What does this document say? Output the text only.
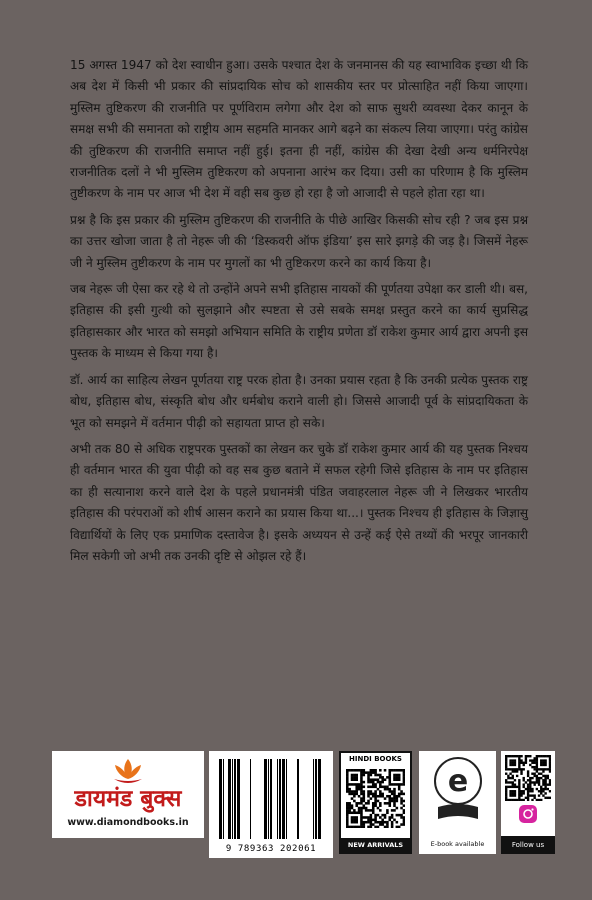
15 अगस्त 1947 को देश स्वाधीन हुआ। उसके पश्चात देश के जनमानस की यह स्वाभाविक इच्छा थी कि अब देश में किसी भी प्रकार की सांप्रदायिक सोच को शासकीय स्तर पर प्रोत्साहित नहीं किया जाएगा। मुस्लिम तुष्टिकरण की राजनीति पर पूर्णविराम लगेगा और देश को साफ सुथरी व्यवस्था देकर कानून के समक्ष सभी की समानता को राष्ट्रीय आम सहमति मानकर आगे बढ़ने का संकल्प लिया जाएगा। परंतु कांग्रेस की तुष्टिकरण की राजनीति समाप्त नहीं हुई। इतना ही नहीं, कांग्रेस की देखा देखी अन्य धर्मनिरपेक्ष राजनीतिक दलों ने भी मुस्लिम तुष्टिकरण को अपनाना आरंभ कर दिया। उसी का परिणाम है कि मुस्लिम तुष्टीकरण के नाम पर आज भी देश में वही सब कुछ हो रहा है जो आजादी से पहले होता रहा था।

प्रश्न है कि इस प्रकार की मुस्लिम तुष्टिकरण की राजनीति के पीछे आखिर किसकी सोच रही ? जब इस प्रश्न का उत्तर खोजा जाता है तो नेहरू जी की ‘डिस्कवरी ऑफ इंडिया’ इस सारे झगड़े की जड़ है। जिसमें नेहरू जी ने मुस्लिम तुष्टीकरण के नाम पर मुगलों का भी तुष्टिकरण करने का कार्य किया है।

जब नेहरू जी ऐसा कर रहे थे तो उन्होंने अपने सभी इतिहास नायकों की पूर्णतया उपेक्षा कर डाली थी। बस, इतिहास की इसी गुत्थी को सुलझाने और स्पष्टता से उसे सबके समक्ष प्रस्तुत करने का कार्य सुप्रसिद्ध इतिहासकार और भारत को समझो अभियान समिति के राष्ट्रीय प्रणेता डॉ राकेश कुमार आर्य द्वारा अपनी इस पुस्तक के माध्यम से किया गया है।

डॉ. आर्य का साहित्य लेखन पूर्णतया राष्ट्र परक होता है। उनका प्रयास रहता है कि उनकी प्रत्येक पुस्तक राष्ट्र बोध, इतिहास बोध, संस्कृति बोध और धर्मबोध कराने वाली हो। जिससे आजादी पूर्व के सांप्रदायिकता के भूत को समझने में वर्तमान पीढ़ी को सहायता प्राप्त हो सके।

अभी तक 80 से अधिक राष्ट्रपरक पुस्तकों का लेखन कर चुके डॉ राकेश कुमार आर्य की यह पुस्तक निश्चय ही वर्तमान भारत की युवा पीढ़ी को वह सब कुछ बताने में सफल रहेगी जिसे इतिहास के नाम पर इतिहास का ही सत्यानाश करने वाले देश के पहले प्रधानमंत्री पंडित जवाहरलाल नेहरू जी ने लिखकर भारतीय इतिहास की परंपराओं को शीर्ष आसन कराने का प्रयास किया था...। पुस्तक निश्चय ही इतिहास के जिज्ञासु विद्यार्थियों के लिए एक प्रमाणिक दस्तावेज है। इसके अध्ययन से उन्हें कई ऐसे तथ्यों की भरपूर जानकारी मिल सकेगी जो अभी तक उनकी दृष्टि से ओझल रहे हैं।

डायमंड बुक्स
www.diamondbooks.in
9 789363 202061
HINDI BOOKS
NEW ARRIVALS
e
E-book available	Follow us
